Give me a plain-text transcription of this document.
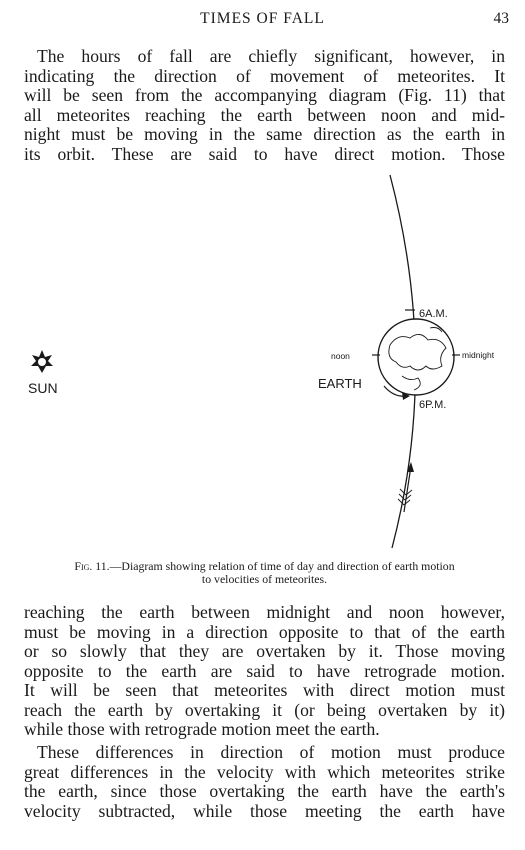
TIMES OF FALL	43

The hours of fall are chiefly significant, however, in
indicating the direction of movement of meteorites. It
will be seen from the accompanying diagram (Fig. 11) that
all meteorites reaching the earth between noon and mid-
night must be moving in the same direction as the earth in
its orbit. These are said to have direct motion. Those

SUN
noon	midnight
6A.M.
6P.M.
EARTH
Fig. 11.—Diagram showing relation of time of day and direction of earth motion
to velocities of meteorites.

reaching the earth between midnight and noon however,
must be moving in a direction opposite to that of the earth
or so slowly that they are overtaken by it. Those moving
opposite to the earth are said to have retrograde motion.
It will be seen that meteorites with direct motion must
reach the earth by overtaking it (or being overtaken by it)
while those with retrograde motion meet the earth.

These differences in direction of motion must produce
great differences in the velocity with which meteorites strike
the earth, since those overtaking the earth have the earth's
velocity subtracted, while those meeting the earth have
